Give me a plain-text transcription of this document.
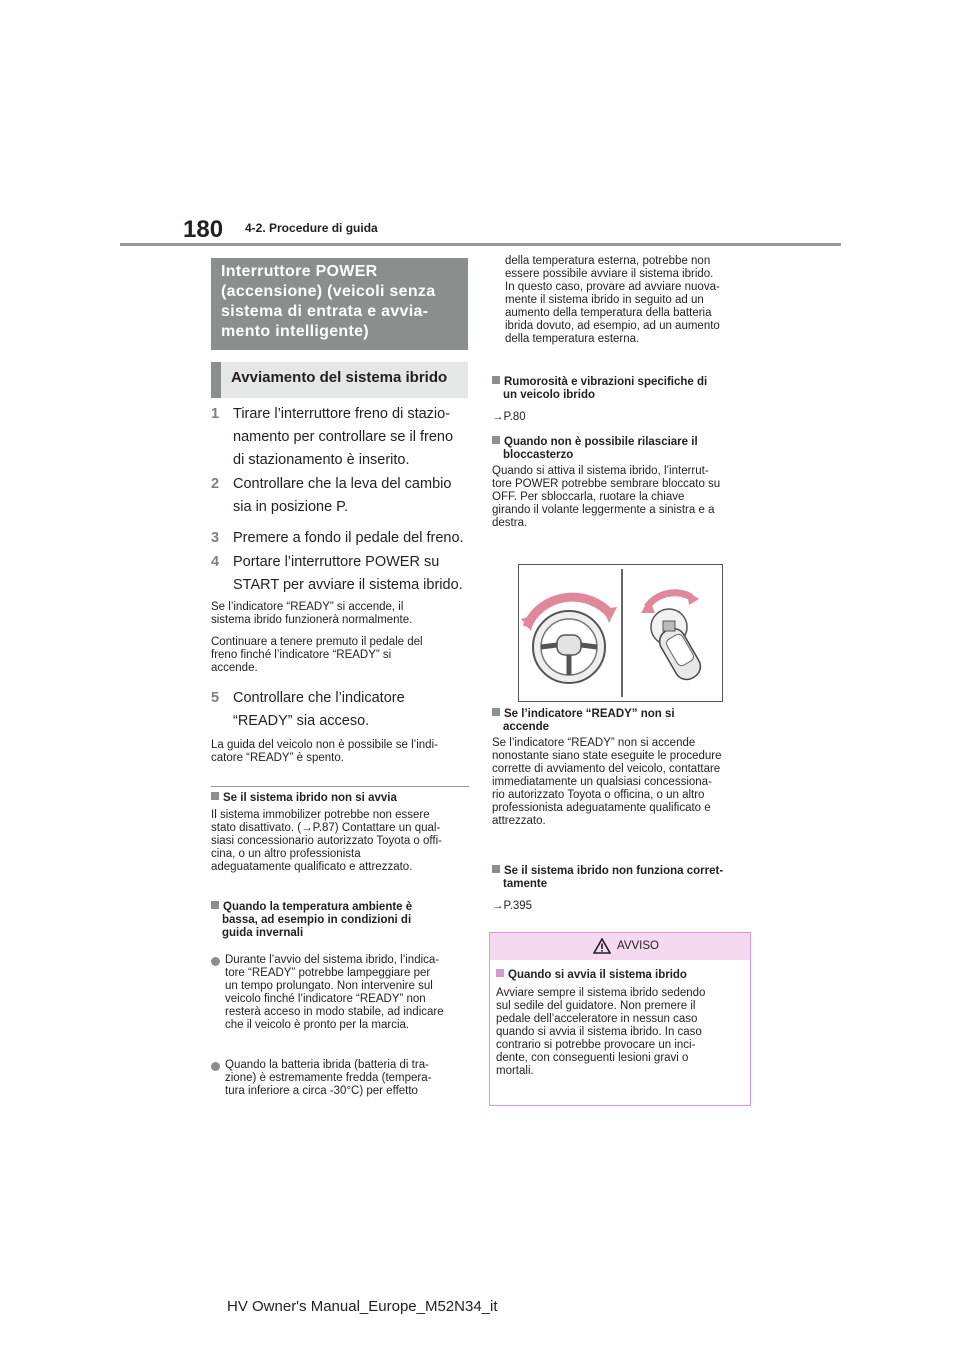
180 4-2. Procedure di guida
Interruttore POWER
(accensione) (veicoli senza
sistema di entrata e avvia-
mento intelligente)
Avviamento del sistema ibrido
1 Tirare l’interruttore freno di stazio-
namento per controllare se il freno
di stazionamento è inserito.
2 Controllare che la leva del cambio
sia in posizione P.
3 Premere a fondo il pedale del freno.
4 Portare l’interruttore POWER su
START per avviare il sistema ibrido.
Se l’indicatore “READY” si accende, il
sistema ibrido funzionerà normalmente.
Continuare a tenere premuto il pedale del
freno finché l’indicatore “READY” si
accende.
5 Controllare che l’indicatore
“READY” sia acceso.
La guida del veicolo non è possibile se l’indi-
catore “READY” è spento.
Se il sistema ibrido non si avvia
Il sistema immobilizer potrebbe non essere
stato disattivato. (→P.87) Contattare un qual-
siasi concessionario autorizzato Toyota o offi-
cina, o un altro professionista
adeguatamente qualificato e attrezzato.
Quando la temperatura ambiente è
bassa, ad esempio in condizioni di
guida invernali
Durante l’avvio del sistema ibrido, l’indica-
tore “READY” potrebbe lampeggiare per
un tempo prolungato. Non intervenire sul
veicolo finché l’indicatore “READY” non
resterà acceso in modo stabile, ad indicare
che il veicolo è pronto per la marcia.
Quando la batteria ibrida (batteria di tra-
zione) è estremamente fredda (tempera-
tura inferiore a circa -30°C) per effetto
della temperatura esterna, potrebbe non
essere possibile avviare il sistema ibrido.
In questo caso, provare ad avviare nuova-
mente il sistema ibrido in seguito ad un
aumento della temperatura della batteria
ibrida dovuto, ad esempio, ad un aumento
della temperatura esterna.
Rumorosità e vibrazioni specifiche di
un veicolo ibrido
→P.80
Quando non è possibile rilasciare il
bloccasterzo
Quando si attiva il sistema ibrido, l’interrut-
tore POWER potrebbe sembrare bloccato su
OFF. Per sbloccarla, ruotare la chiave
girando il volante leggermente a sinistra e a
destra.
Se l’indicatore “READY” non si
accende
Se l’indicatore “READY” non si accende
nonostante siano state eseguite le procedure
corrette di avviamento del veicolo, contattare
immediatamente un qualsiasi concessiona-
rio autorizzato Toyota o officina, o un altro
professionista adeguatamente qualificato e
attrezzato.
Se il sistema ibrido non funziona corret-
tamente
→P.395
AVVISO
Quando si avvia il sistema ibrido
Avviare sempre il sistema ibrido sedendo
sul sedile del guidatore. Non premere il
pedale dell’acceleratore in nessun caso
quando si avvia il sistema ibrido. In caso
contrario si potrebbe provocare un inci-
dente, con conseguenti lesioni gravi o
mortali.
HV Owner's Manual_Europe_M52N34_it
